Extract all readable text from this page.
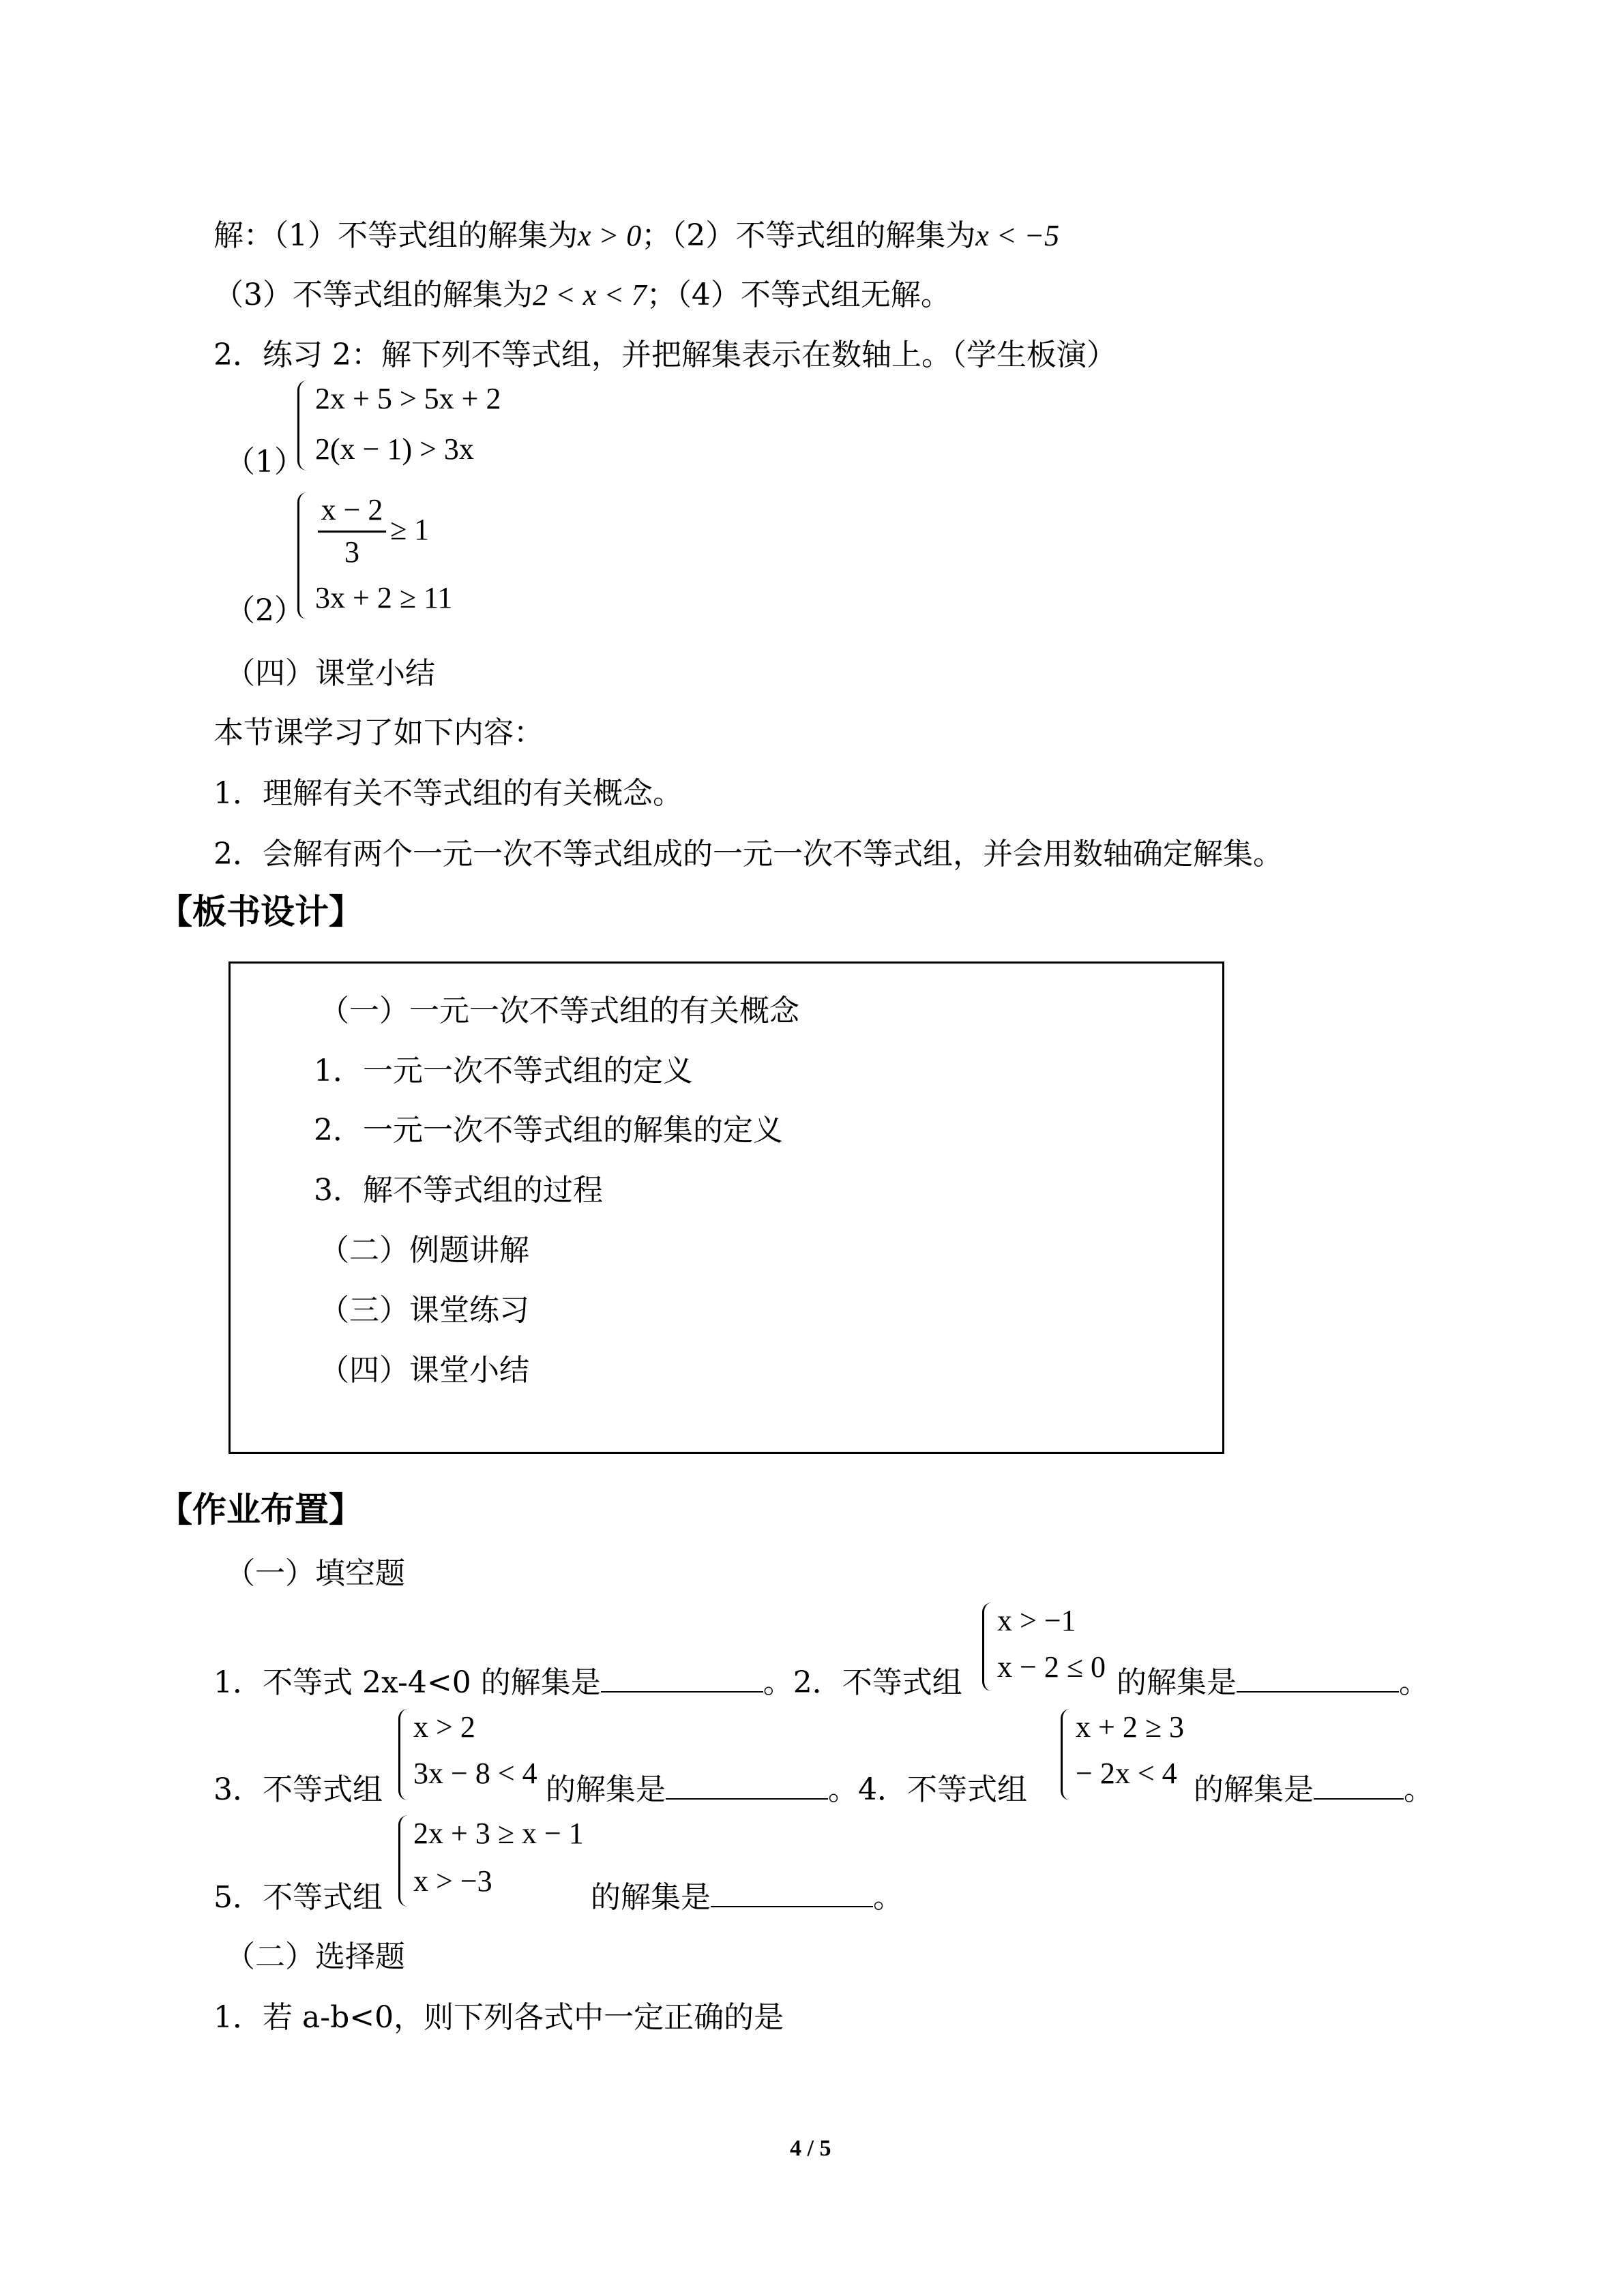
解：（1）不等式组的解集为x > 0；（2）不等式组的解集为x < −5
（3）不等式组的解集为2 < x < 7；（4）不等式组无解。
2．练习 2：解下列不等式组，并把解集表示在数轴上。（学生板演）
2x + 5 > 5x + 2
2(x − 1) > 3x
（1）
x − 2
3
≥ 1
3x + 2 ≥ 11
（2）
（四）课堂小结
本节课学习了如下内容：
1．理解有关不等式组的有关概念。
2．会解有两个一元一次不等式组成的一元一次不等式组，并会用数轴确定解集。
【板书设计】
（一）一元一次不等式组的有关概念
1．一元一次不等式组的定义
2．一元一次不等式组的解集的定义
3．解不等式组的过程
（二）例题讲解
（三）课堂练习
（四）课堂小结
【作业布置】
（一）填空题
1．不等式 2x-4<0 的解集是	。2．不等式组
x > −1
x − 2 ≤ 0 的解集是	。
3．不等式组
x > 2
3x − 8 < 4 的解集是	。4．不等式组
x + 2 ≥ 3
− 2x < 4 的解集是	。
5．不等式组
2x + 3 ≥ x − 1
x > −3	的解集是	。
（二）选择题
1．若 a-b<0，则下列各式中一定正确的是
4 / 5
